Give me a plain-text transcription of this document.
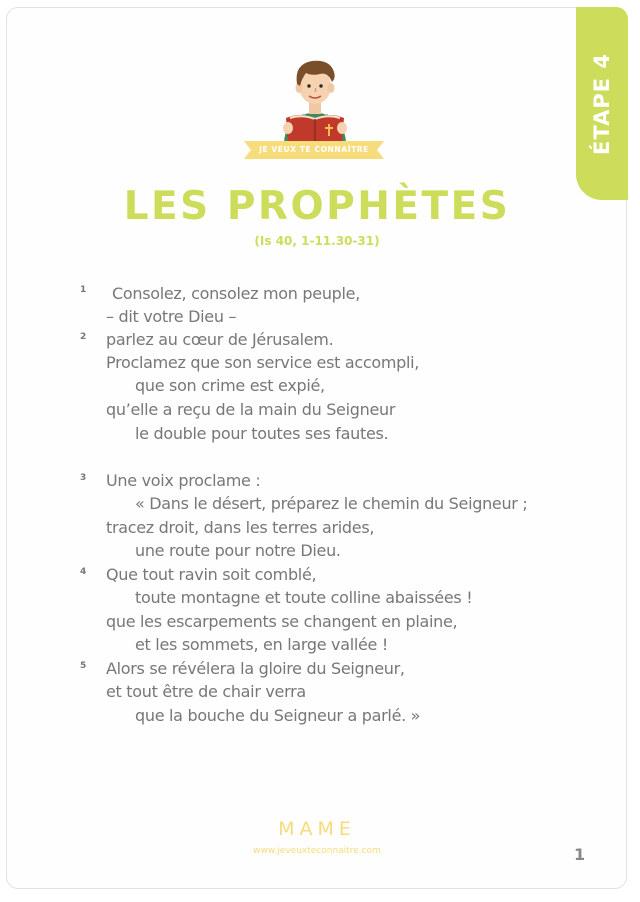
ÉTAPE 4
JE VEUX TE CONNAÎTRE
LES PROPHÈTES
(Is 40, 1-11.30-31)
1 Consolez, consolez mon peuple,
– dit votre Dieu –
2 parlez au cœur de Jérusalem.
Proclamez que son service est accompli,
que son crime est expié,
qu’elle a reçu de la main du Seigneur
le double pour toutes ses fautes.
3 Une voix proclame :
« Dans le désert, préparez le chemin du Seigneur ;
tracez droit, dans les terres arides,
une route pour notre Dieu.
4 Que tout ravin soit comblé,
toute montagne et toute colline abaissées !
que les escarpements se changent en plaine,
et les sommets, en large vallée !
5 Alors se révélera la gloire du Seigneur,
et tout être de chair verra
que la bouche du Seigneur a parlé. »
MAME
www.jeveuxteconnaitre.com	1
